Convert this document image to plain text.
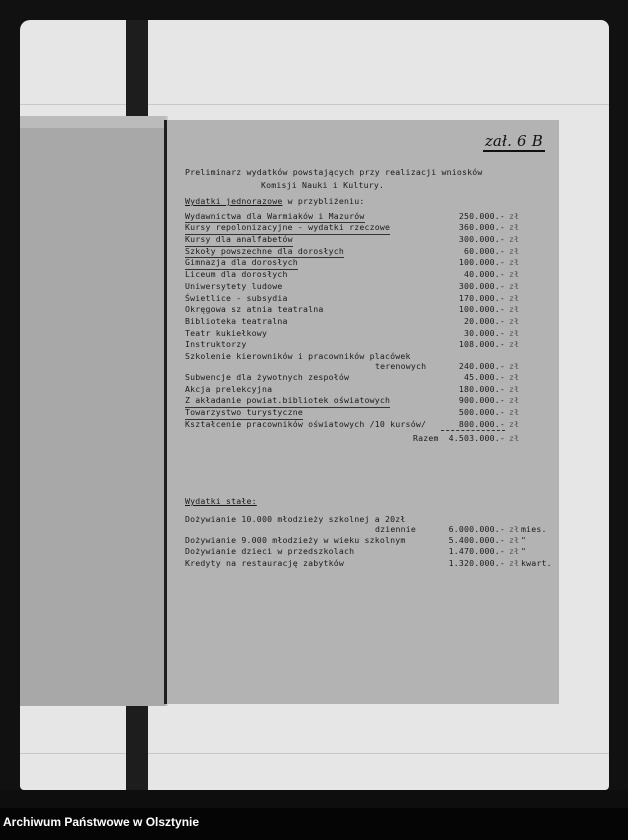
zał. 6 B
Preliminarz wydatków powstających przy realizacji wniosków
Komisji Nauki i Kultury.
Wydatki jednorazowe w przybliżeniu:
Wydawnictwa dla Warmiaków i Mazurów	250.000.- zł
Kursy repolonizacyjne - wydatki rzeczowe	360.000.- zł
Kursy dla analfabetów	300.000.- zł
Szkoły powszechne dla dorosłych	60.000.- zł
Gimnazja dla dorosłych	100.000.- zł
Liceum dla dorosłych	40.000.- zł
Uniwersytety ludowe	300.000.- zł
Świetlice - subsydia	170.000.- zł
Okręgowa sz atnia teatralna	100.000.- zł
Biblioteka teatralna	20.000.- zł
Teatr kukiełkowy	30.000.- zł
Instruktorzy	108.000.- zł
Szkolenie kierowników i pracowników placówek
terenowych	240.000.- zł
Subwencje dla żywotnych zespołów	45.000.- zł
Akcja prelekcyjna	180.000.- zł
Z akładanie powiat.bibliotek oświatowych	900.000.- zł
Towarzystwo turystyczne	500.000.- zł
Kształcenie pracowników oświatowych /10 kursów/	800.000.- zł
Razem	4.503.000.- zł
Wydatki stałe:
Dożywianie 10.000 młodzieży szkolnej a 20zł
dziennie	6.000.000.- zł mies.
Dożywianie 9.000 młodzieży w wieku szkolnym	5.400.000.- zł "
Dożywianie dzieci w przedszkolach	1.470.000.- zł "
Kredyty na restaurację zabytków	1.320.000.- zł kwart.
Archiwum Państwowe w Olsztynie
